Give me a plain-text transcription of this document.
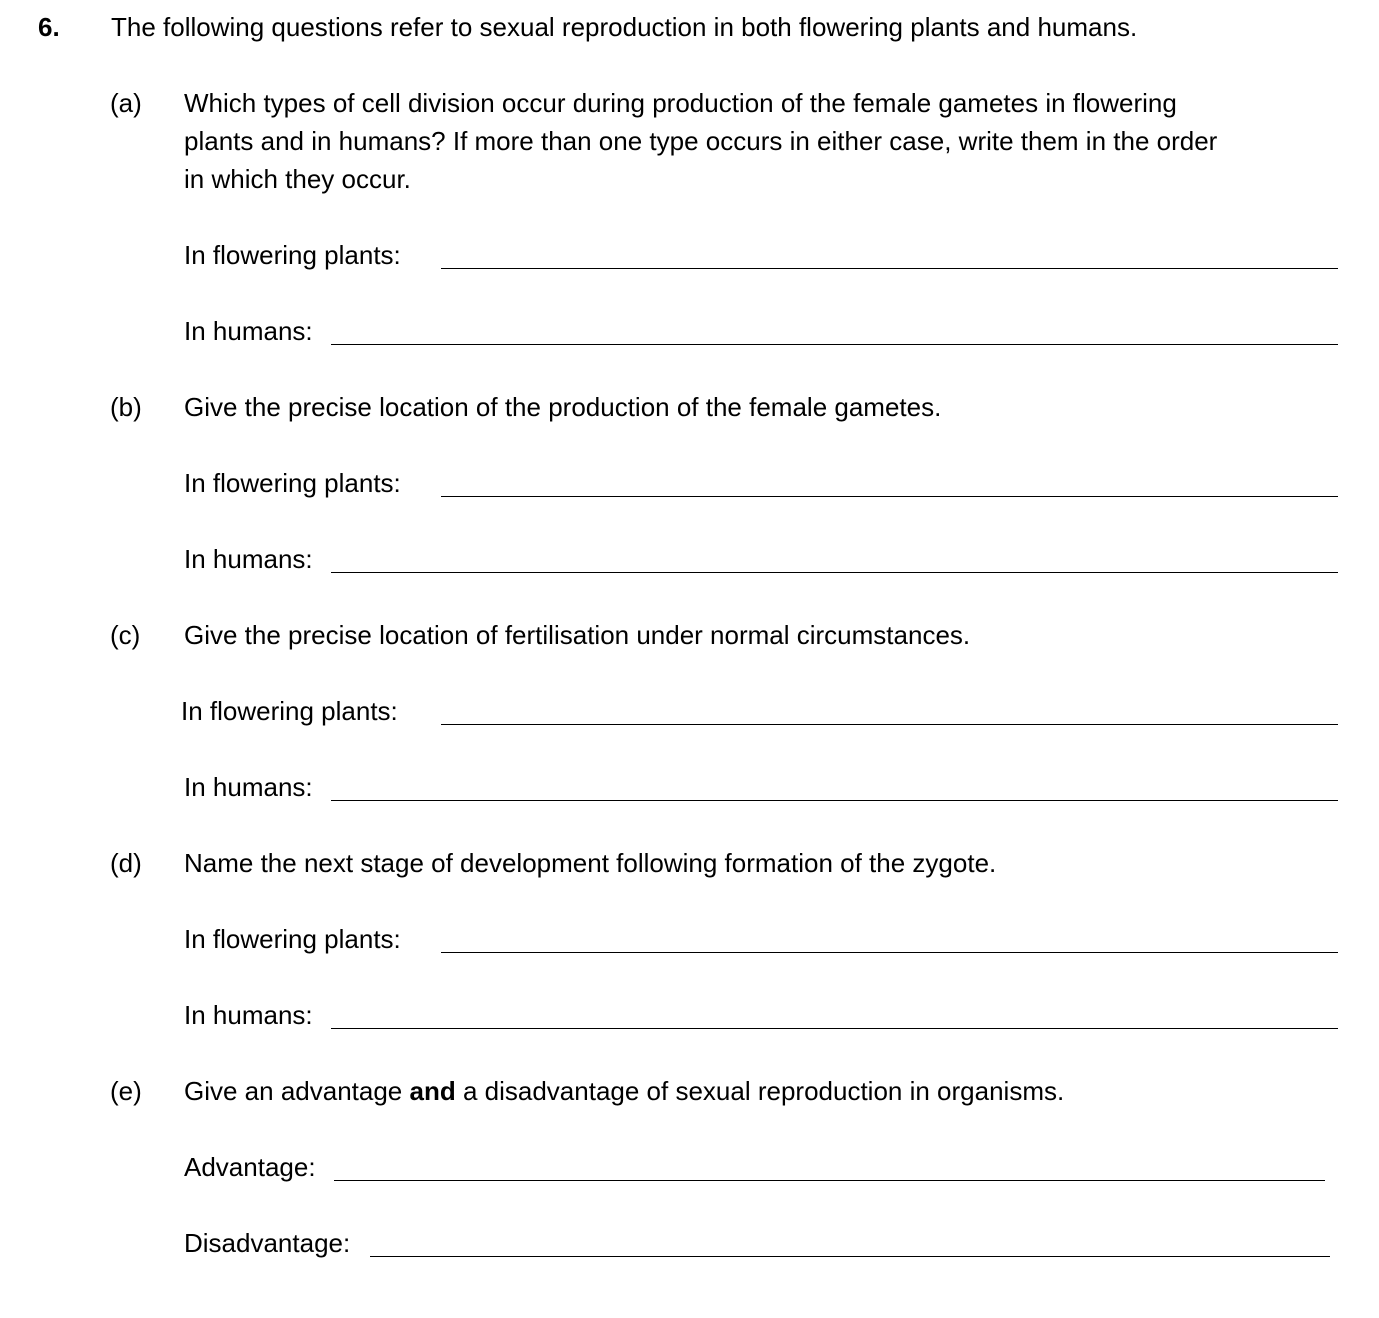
6. The following questions refer to sexual reproduction in both flowering plants and humans.
(a) Which types of cell division occur during production of the female gametes in flowering
plants and in humans? If more than one type occurs in either case, write them in the order
in which they occur.
In flowering plants:
In humans:
(b) Give the precise location of the production of the female gametes.
In flowering plants:
In humans:
(c) Give the precise location of fertilisation under normal circumstances.
In flowering plants:
In humans:
(d) Name the next stage of development following formation of the zygote.
In flowering plants:
In humans:
(e) Give an advantage and a disadvantage of sexual reproduction in organisms.
Advantage:
Disadvantage:
